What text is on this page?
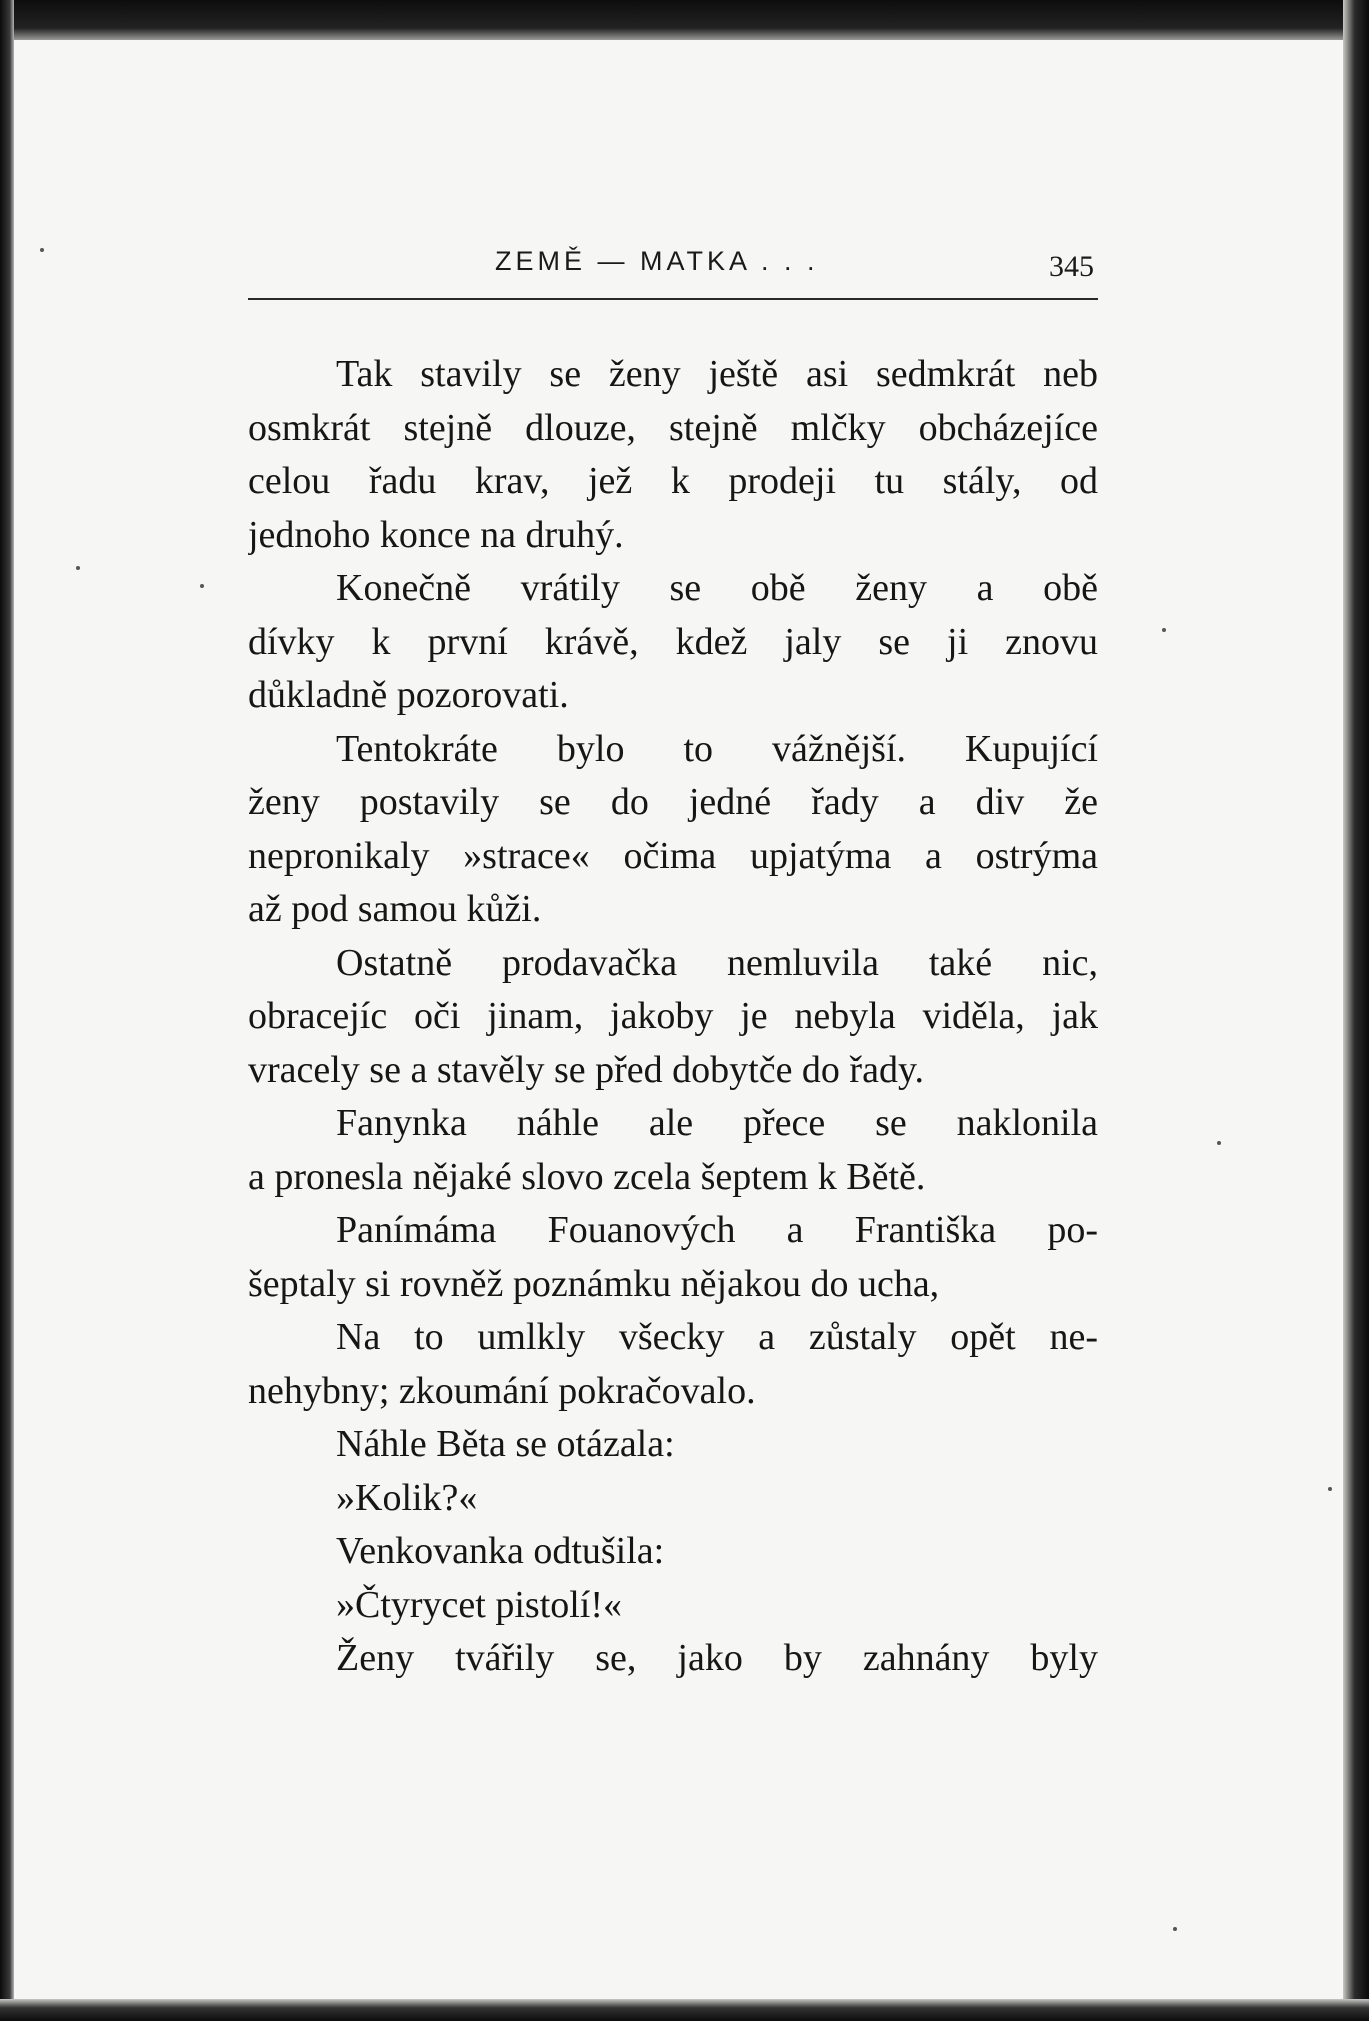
ZEMĚ — MATKA . . .	345
Tak stavily se ženy ještě asi sedmkrát neb
osmkrát stejně dlouze, stejně mlčky obcházejíce
celou řadu krav, jež k prodeji tu stály, od
jednoho konce na druhý.
Konečně vrátily se obě ženy a obě
dívky k první krávě, kdež jaly se ji znovu
důkladně pozorovati.
Tentokráte bylo to vážnější. Kupující
ženy postavily se do jedné řady a div že
nepronikaly »strace« očima upjatýma a ostrýma
až pod samou kůži.
Ostatně prodavačka nemluvila také nic,
obracejíc oči jinam, jakoby je nebyla viděla, jak
vracely se a stavěly se před dobytče do řady.
Fanynka náhle ale přece se naklonila
a pronesla nějaké slovo zcela šeptem k Bětě.
Panímáma Fouanových a Františka po-
šeptaly si rovněž poznámku nějakou do ucha,
Na to umlkly všecky a zůstaly opět ne-
nehybny; zkoumání pokračovalo.
Náhle Běta se otázala:
»Kolik?«
Venkovanka odtušila:
»Čtyrycet pistolí!«
Ženy tvářily se, jako by zahnány byly
